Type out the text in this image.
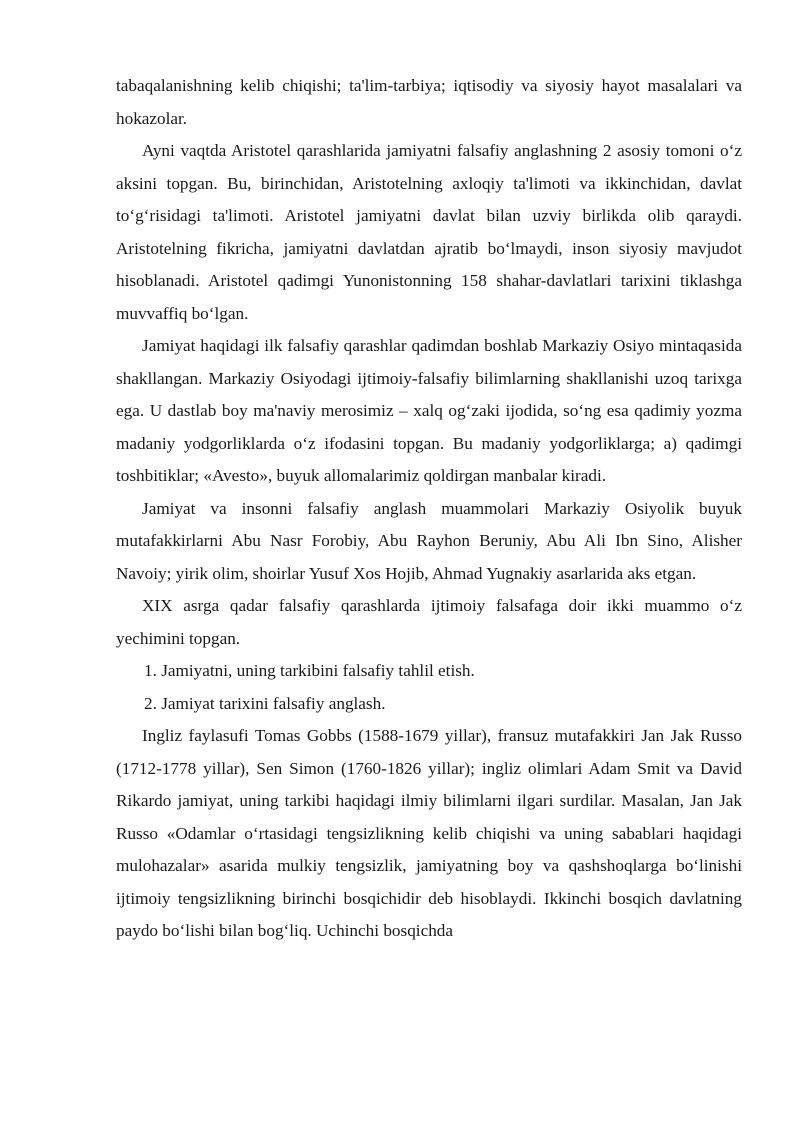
tabaqalanishning kelib chiqishi; ta'lim-tarbiya; iqtisodiy va siyosiy hayot masalalari va hokazolar.

Ayni vaqtda Aristotel qarashlarida jamiyatni falsafiy anglashning 2 asosiy tomoni o‘z aksini topgan. Bu, birinchidan, Aristotelning axloqiy ta'limoti va ikkinchidan, davlat to‘g‘risidagi ta'limoti. Aristotel jamiyatni davlat bilan uzviy birlikda olib qaraydi. Aristotelning fikricha, jamiyatni davlatdan ajratib bo‘lmaydi, inson siyosiy mavjudot hisoblanadi. Aristotel qadimgi Yunonistonning 158 shahar-davlatlari tarixini tiklashga muvvaffiq bo‘lgan.

Jamiyat haqidagi ilk falsafiy qarashlar qadimdan boshlab Markaziy Osiyo mintaqasida shakllangan. Markaziy Osiyodagi ijtimoiy-falsafiy bilimlarning shakllanishi uzoq tarixga ega. U dastlab boy ma'naviy merosimiz – xalq og‘zaki ijodida, so‘ng esa qadimiy yozma madaniy yodgorliklarda o‘z ifodasini topgan. Bu madaniy yodgorliklarga; a) qadimgi toshbitiklar; «Avesto», buyuk allomalarimiz qoldirgan manbalar kiradi.

Jamiyat va insonni falsafiy anglash muammolari Markaziy Osiyolik buyuk mutafakkirlarni Abu Nasr Forobiy, Abu Rayhon Beruniy, Abu Ali Ibn Sino, Alisher Navoiy; yirik olim, shoirlar Yusuf Xos Hojib, Ahmad Yugnakiy asarlarida aks etgan.

XIX asrga qadar falsafiy qarashlarda ijtimoiy falsafaga doir ikki muammo o‘z yechimini topgan.

1. Jamiyatni, uning tarkibini falsafiy tahlil etish.

2. Jamiyat tarixini falsafiy anglash.

Ingliz faylasufi Tomas Gobbs (1588-1679 yillar), fransuz mutafakkiri Jan Jak Russo (1712-1778 yillar), Sen Simon (1760-1826 yillar); ingliz olimlari Adam Smit va David Rikardo jamiyat, uning tarkibi haqidagi ilmiy bilimlarni ilgari surdilar. Masalan, Jan Jak Russo «Odamlar o‘rtasidagi tengsizlikning kelib chiqishi va uning sabablari haqidagi mulohazalar» asarida mulkiy tengsizlik, jamiyatning boy va qashshoqlarga bo‘linishi ijtimoiy tengsizlikning birinchi bosqichidir deb hisoblaydi. Ikkinchi bosqich davlatning paydo bo‘lishi bilan bog‘liq. Uchinchi bosqichda
